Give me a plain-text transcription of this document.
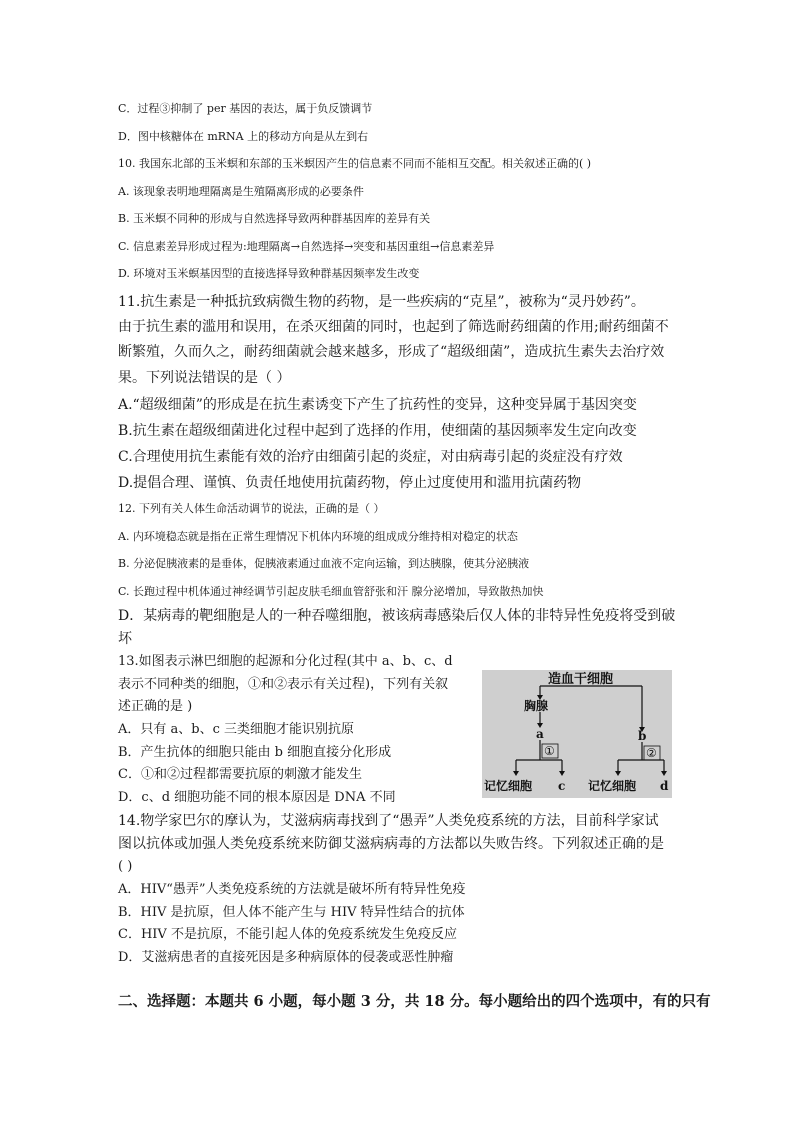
C．过程③抑制了 per 基因的表达，属于负反馈调节
D．图中核糖体在 mRNA 上的移动方向是从左到右
10. 我国东北部的玉米螟和东部的玉米螟因产生的信息素不同而不能相互交配。相关叙述正确的( )
A. 该现象表明地理隔离是生殖隔离形成的必要条件
B. 玉米螟不同种的形成与自然选择导致两种群基因库的差异有关
C. 信息素差异形成过程为:地理隔离→自然选择→突变和基因重组→信息素差异
D. 环境对玉米螟基因型的直接选择导致种群基因频率发生改变
11.抗生素是一种抵抗致病微生物的药物，是一些疾病的“克星”，被称为“灵丹妙药”。
由于抗生素的滥用和误用，在杀灭细菌的同时，也起到了筛选耐药细菌的作用;耐药细菌不
断繁殖，久而久之，耐药细菌就会越来越多，形成了“超级细菌”，造成抗生素失去治疗效
果。下列说法错误的是（ ）
A.“超级细菌”的形成是在抗生素诱变下产生了抗药性的变异，这种变异属于基因突变
B.抗生素在超级细菌进化过程中起到了选择的作用，使细菌的基因频率发生定向改变
C.合理使用抗生素能有效的治疗由细菌引起的炎症，对由病毒引起的炎症没有疗效
D.提倡合理、谨慎、负责任地使用抗菌药物，停止过度使用和滥用抗菌药物
12. 下列有关人体生命活动调节的说法，正确的是（ ）
A. 内环境稳态就是指在正常生理情况下机体内环境的组成成分维持相对稳定的状态
B. 分泌促胰液素的是垂体，促胰液素通过血液不定向运输，到达胰腺，使其分泌胰液
C. 长跑过程中机体通过神经调节引起皮肤毛细血管舒张和汗 腺分泌增加，导致散热加快
D．某病毒的靶细胞是人的一种吞噬细胞，被该病毒感染后仅人体的非特异性免疫将受到破
坏
13.如图表示淋巴细胞的起源和分化过程(其中 a、b、c、d
表示不同种类的细胞，①和②表示有关过程)，下列有关叙
述正确的是 )
A．只有 a、b、c 三类细胞才能识别抗原
B．产生抗体的细胞只能由 b 细胞直接分化形成
C．①和②过程都需要抗原的刺激才能发生
D．c、d 细胞功能不同的根本原因是 DNA 不同
造血干细胞
胸腺
a	b
记忆细胞 c 记忆细胞 d
①	②
14.物学家巴尔的摩认为，艾滋病病毒找到了“愚弄”人类免疫系统的方法，目前科学家试
图以抗体或加强人类免疫系统来防御艾滋病病毒的方法都以失败告终。下列叙述正确的是
( )
A．HIV“愚弄”人类免疫系统的方法就是破坏所有特异性免疫
B．HIV 是抗原，但人体不能产生与 HIV 特异性结合的抗体
C．HIV 不是抗原，不能引起人体的免疫系统发生免疫反应
D．艾滋病患者的直接死因是多种病原体的侵袭或恶性肿瘤
二、选择题：本题共 6 小题，每小题 3 分，共 18 分。每小题给出的四个选项中，有的只有
